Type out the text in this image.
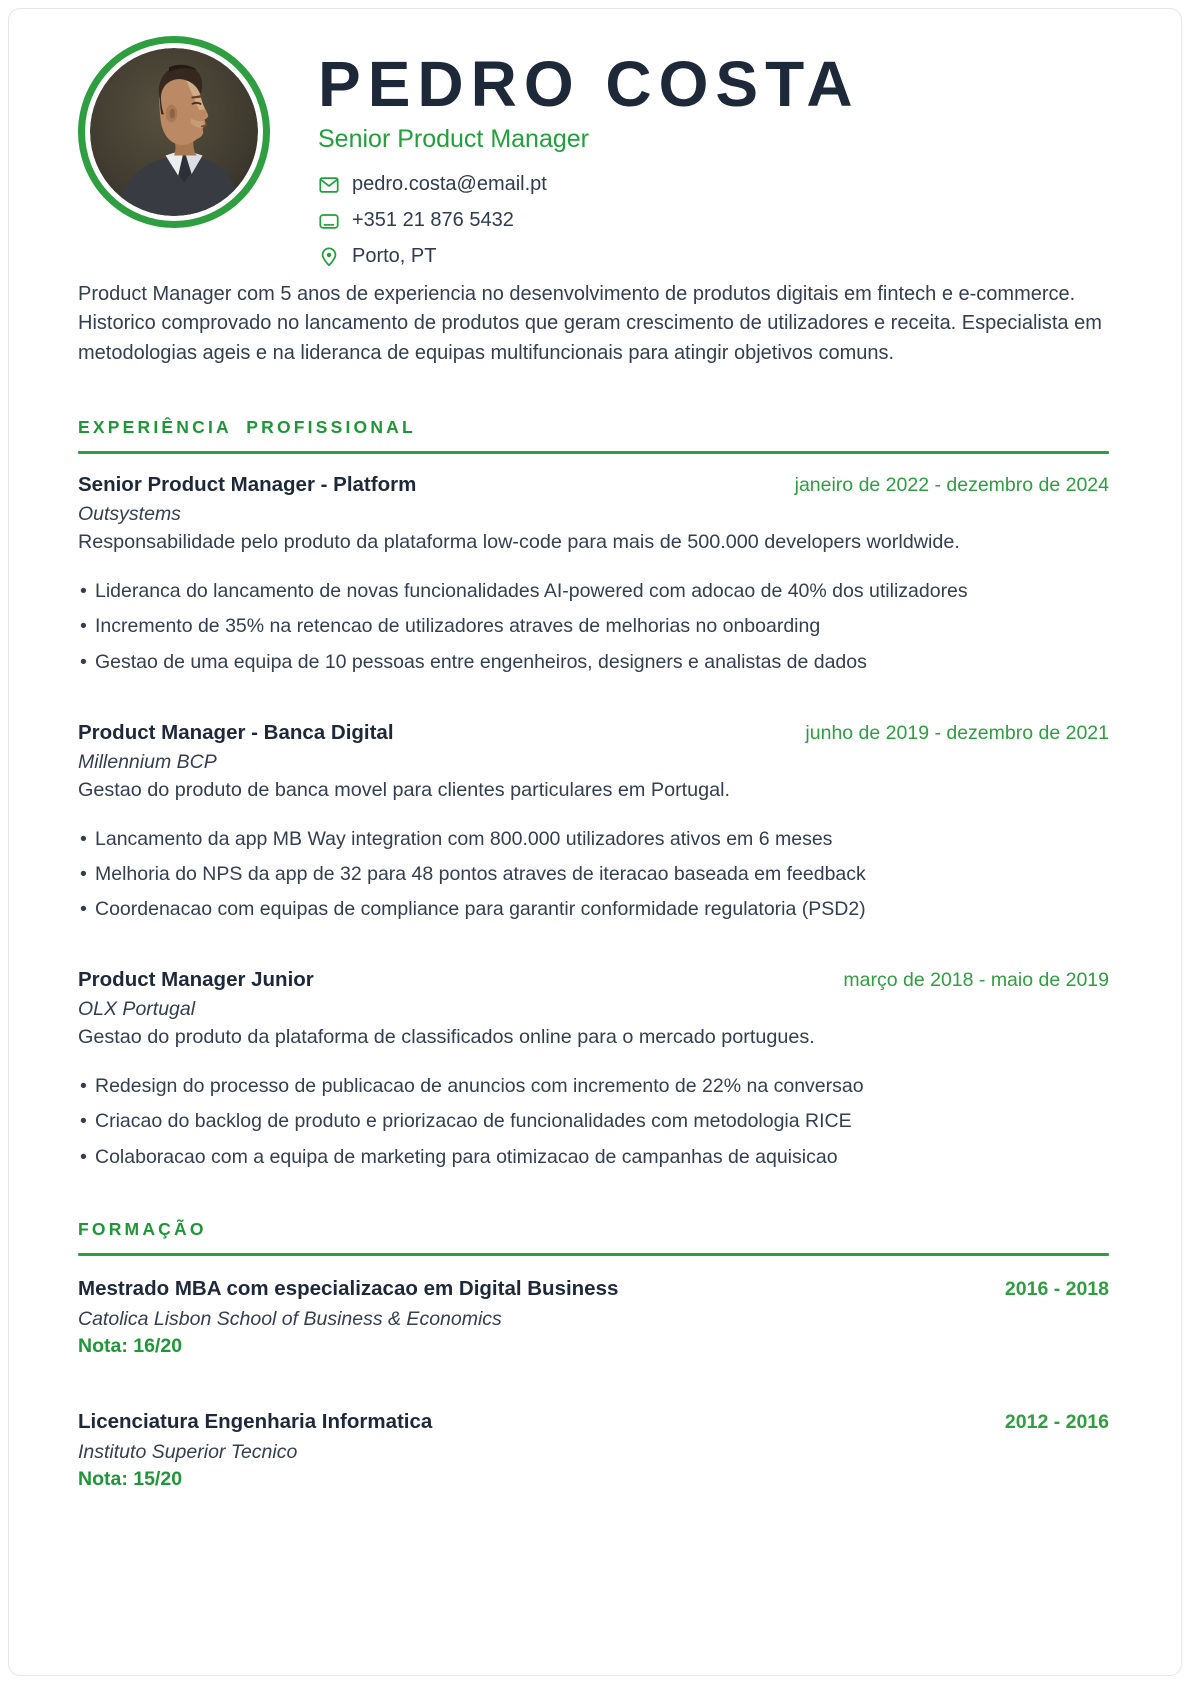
PEDRO COSTA
Senior Product Manager
pedro.costa@email.pt
+351 21 876 5432
Porto, PT

Product Manager com 5 anos de experiencia no desenvolvimento de produtos digitais em fintech e e-commerce. Historico comprovado no lancamento de produtos que geram crescimento de utilizadores e receita. Especialista em metodologias ageis e na lideranca de equipas multifuncionais para atingir objetivos comuns.

EXPERIÊNCIA PROFISSIONAL
Senior Product Manager - Platform	janeiro de 2022 - dezembro de 2024
Outsystems

Responsabilidade pelo produto da plataforma low-code para mais de 500.000 developers worldwide.

• Lideranca do lancamento de novas funcionalidades AI-powered com adocao de 40% dos utilizadores
• Incremento de 35% na retencao de utilizadores atraves de melhorias no onboarding
• Gestao de uma equipa de 10 pessoas entre engenheiros, designers e analistas de dados
Product Manager - Banca Digital	junho de 2019 - dezembro de 2021
Millennium BCP

Gestao do produto de banca movel para clientes particulares em Portugal.

• Lancamento da app MB Way integration com 800.000 utilizadores ativos em 6 meses
• Melhoria do NPS da app de 32 para 48 pontos atraves de iteracao baseada em feedback
• Coordenacao com equipas de compliance para garantir conformidade regulatoria (PSD2)
Product Manager Junior	março de 2018 - maio de 2019
OLX Portugal

Gestao do produto da plataforma de classificados online para o mercado portugues.

• Redesign do processo de publicacao de anuncios com incremento de 22% na conversao
• Criacao do backlog de produto e priorizacao de funcionalidades com metodologia RICE
• Colaboracao com a equipa de marketing para otimizacao de campanhas de aquisicao
FORMAÇÃO
Mestrado MBA com especializacao em Digital Business	2016 - 2018
Catolica Lisbon School of Business & Economics
Nota: 16/20
Licenciatura Engenharia Informatica	2012 - 2016
Instituto Superior Tecnico
Nota: 15/20
